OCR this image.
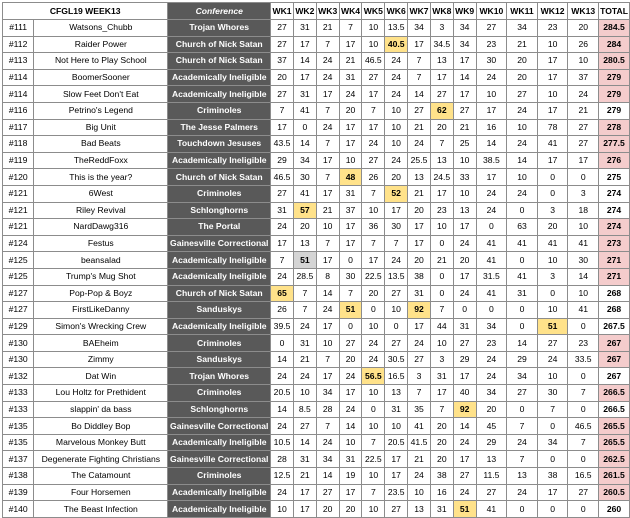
CFGL19 WEEK13		Conference	WK1	WK2	WK3	WK4	WK5	WK6	WK7	WK8	WK9	WK10	WK11	WK12	WK13	TOTAL
#111	Watsons_Chubb	Trojan Whores	27	31	21	7	10	13.5	34	3	34	27	34	23	20	284.5
#112	Raider Power	Church of Nick Satan	27	17	7	17	10	40.5	17	34.5	34	23	21	10	26	284
#113	Not Here to Play School	Church of Nick Satan	37	14	24	21	46.5	24	7	13	17	30	20	17	10	280.5
#114	BoomerSooner	Academically Ineligible	20	17	24	31	27	24	7	17	14	24	20	17	37	279
#114	Slow Feet Don't Eat	Academically Ineligible	27	31	17	24	17	24	14	27	17	10	27	10	24	279
#116	Petrino's Legend	Criminoles	7	41	7	20	7	10	27	62	27	17	24	17	21	279
#117	Big Unit	The Jesse Palmers	17	0	24	17	17	10	21	20	21	16	10	78	27	278
#118	Bad Beats	Touchdown Jesuses	43.5	14	7	17	24	10	24	7	25	14	24	41	27	277.5
#119	TheReddFoxx	Academically Ineligible	29	34	17	10	27	24	25.5	13	10	38.5	14	17	17	276
#120	This is the year?	Church of Nick Satan	46.5	30	7	48	26	20	13	24.5	33	17	10	0	0	275
#121	6West	Criminoles	27	41	17	31	7	52	21	17	10	24	24	0	3	274
#121	Riley Revival	Schlonghorns	31	57	21	37	10	17	20	23	13	24	0	3	18	274
#121	NardDawg316	The Portal	24	20	10	17	36	30	17	10	17	0	63	20	10	274
#124	Festus	Gainesville Correctional	17	13	7	17	7	7	17	0	24	41	41	41	41	273
#125	beansalad	Academically Ineligible	7	51	17	0	17	24	20	21	20	41	0	10	30	271
#125	Trump's Mug Shot	Academically Ineligible	24	28.5	8	30	22.5	13.5	38	0	17	31.5	41	3	14	271
#127	Pop-Pop & Boyz	Church of Nick Satan	65	7	14	7	20	27	31	0	24	41	31	0	10	268
#127	FirstLikeDanny	Sanduskys	26	7	24	51	0	10	92	7	0	0	0	10	41	268
#129	Simon's Wrecking Crew	Academically Ineligible	39.5	24	17	0	10	0	17	44	31	34	0	51	0	267.5
#130	BAEheim	Criminoles	0	31	10	27	24	27	24	10	27	23	14	27	23	267
#130	Zimmy	Sanduskys	14	21	7	20	24	30.5	27	3	29	24	29	24	33.5	267
#132	Dat Win	Trojan Whores	24	24	17	24	56.5	16.5	3	31	17	24	34	10	0	267
#133	Lou Holtz for Prethident	Criminoles	20.5	10	34	17	10	13	7	17	40	34	27	30	7	266.5
#133	slappin' da bass	Schlonghorns	14	8.5	28	24	0	31	35	7	92	20	0	7	0	266.5
#135	Bo Diddley Bop	Gainesville Correctional	24	27	7	14	10	10	41	20	14	45	7	0	46.5	265.5
#135	Marvelous Monkey Butt	Academically Ineligible	10.5	14	24	10	7	20.5	41.5	20	24	29	24	34	7	265.5
#137	Degenerate Fighting Christians	Gainesville Correctional	28	31	34	31	22.5	17	21	20	17	13	7	0	0	262.5
#138	The Catamount	Criminoles	12.5	21	14	19	10	17	24	38	27	11.5	13	38	16.5	261.5
#139	Four Horsemen	Academically Ineligible	24	17	27	17	7	23.5	10	16	24	27	24	17	27	260.5
#140	The Beast Infection	Academically Ineligible	10	17	20	20	10	27	13	31	51	41	0	0	0	260
